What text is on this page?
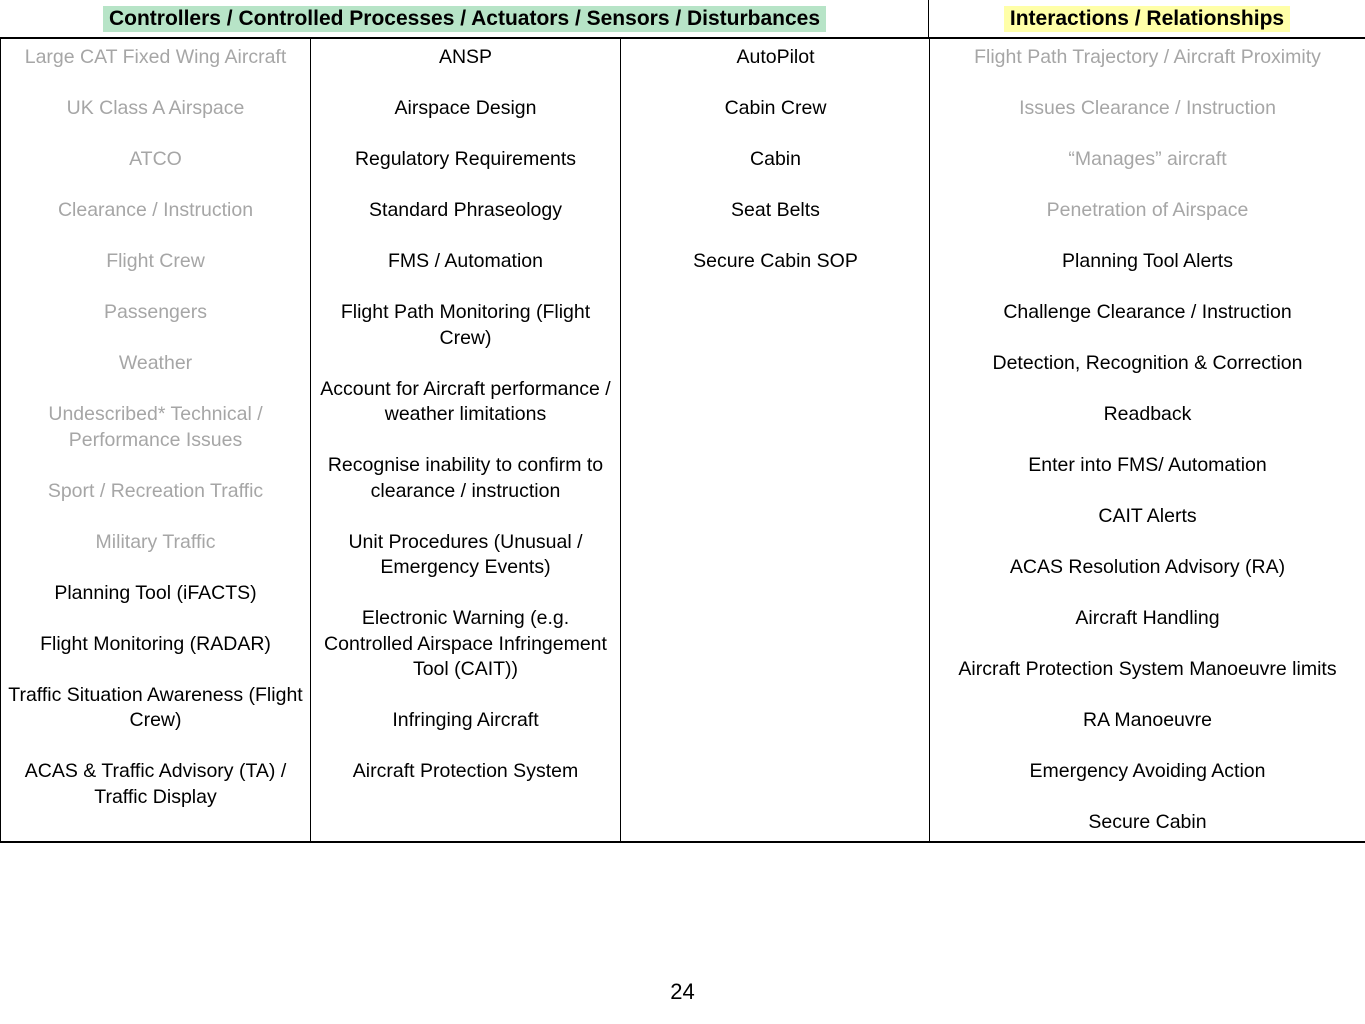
Controllers / Controlled Processes / Actuators / Sensors / Disturbances	Interactions / Relationships
Large CAT Fixed Wing Aircraft
UK Class A Airspace
ATCO
Clearance / Instruction
Flight Crew
Passengers
Weather
Undescribed* Technical / Performance Issues
Sport / Recreation Traffic
Military Traffic
Planning Tool (iFACTS)
Flight Monitoring (RADAR)
Traffic Situation Awareness (Flight Crew)
ACAS & Traffic Advisory (TA) / Traffic Display
ANSP
Airspace Design
Regulatory Requirements
Standard Phraseology
FMS / Automation
Flight Path Monitoring (Flight Crew)
Account for Aircraft performance / weather limitations
Recognise inability to confirm to clearance / instruction
Unit Procedures (Unusual / Emergency Events)
Electronic Warning (e.g. Controlled Airspace Infringement Tool (CAIT))
Infringing Aircraft
Aircraft Protection System
AutoPilot
Cabin Crew
Cabin
Seat Belts
Secure Cabin SOP
Flight Path Trajectory / Aircraft Proximity
Issues Clearance / Instruction
“Manages” aircraft
Penetration of Airspace
Planning Tool Alerts
Challenge Clearance / Instruction
Detection, Recognition & Correction
Readback
Enter into FMS/ Automation
CAIT Alerts
ACAS Resolution Advisory (RA)
Aircraft Handling
Aircraft Protection System Manoeuvre limits
RA Manoeuvre
Emergency Avoiding Action
Secure Cabin
24
